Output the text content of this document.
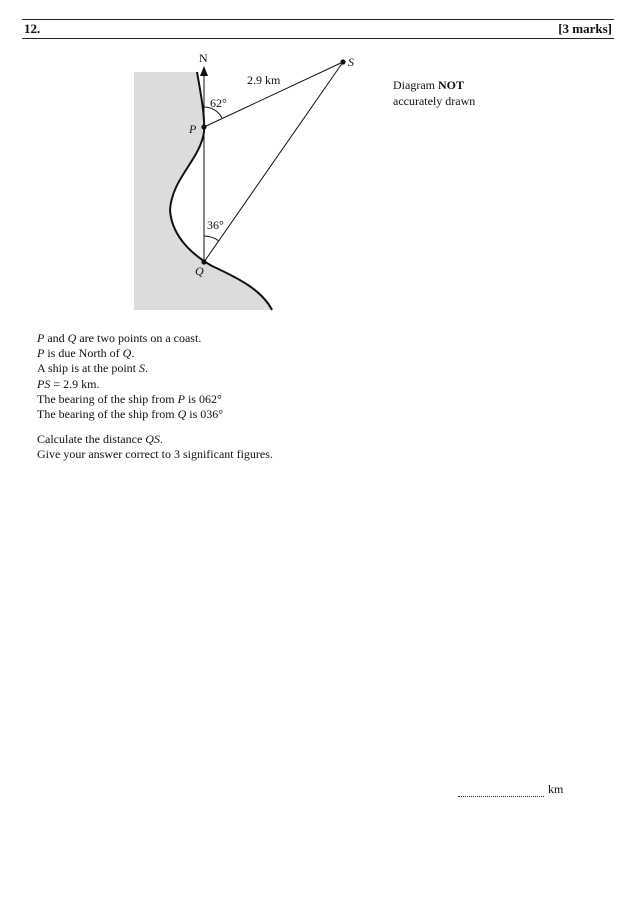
12.	[3 marks]
N
P
Q
S
2.9 km
62°
36°
Diagram NOT
accurately drawn
P and Q are two points on a coast.
P is due North of Q.
A ship is at the point S.
PS = 2.9 km.
The bearing of the ship from P is 062°
The bearing of the ship from Q is 036°
Calculate the distance QS.
Give your answer correct to 3 significant figures.
km
